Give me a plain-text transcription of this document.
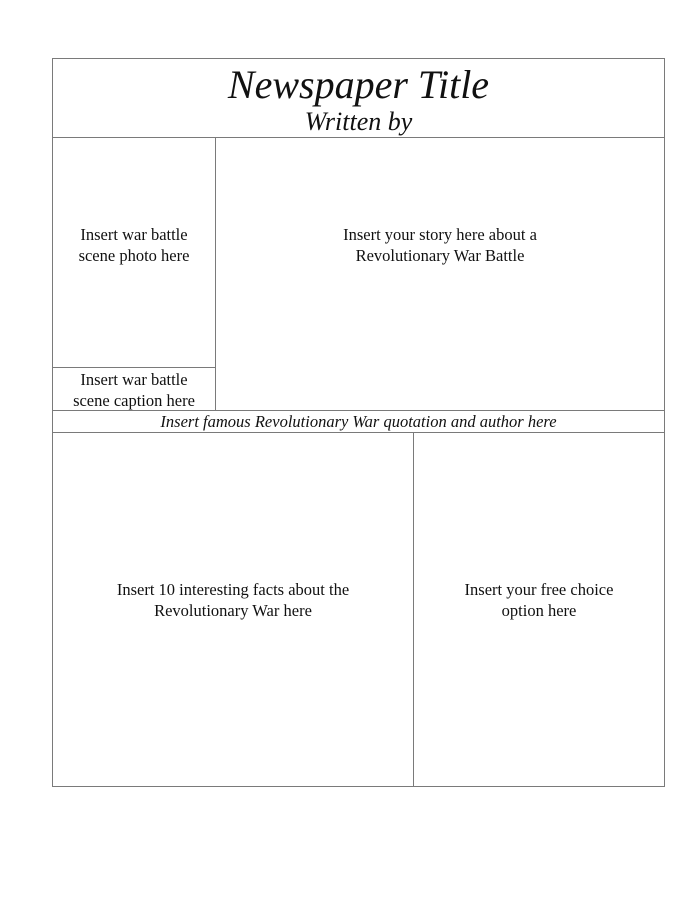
Newspaper Title
Written by
Insert war battle
scene photo here
Insert war battle
scene caption here
Insert your story here about a
Revolutionary War Battle
Insert famous Revolutionary War quotation and author here
Insert 10 interesting facts about the
Revolutionary War here
Insert your free choice
option here
